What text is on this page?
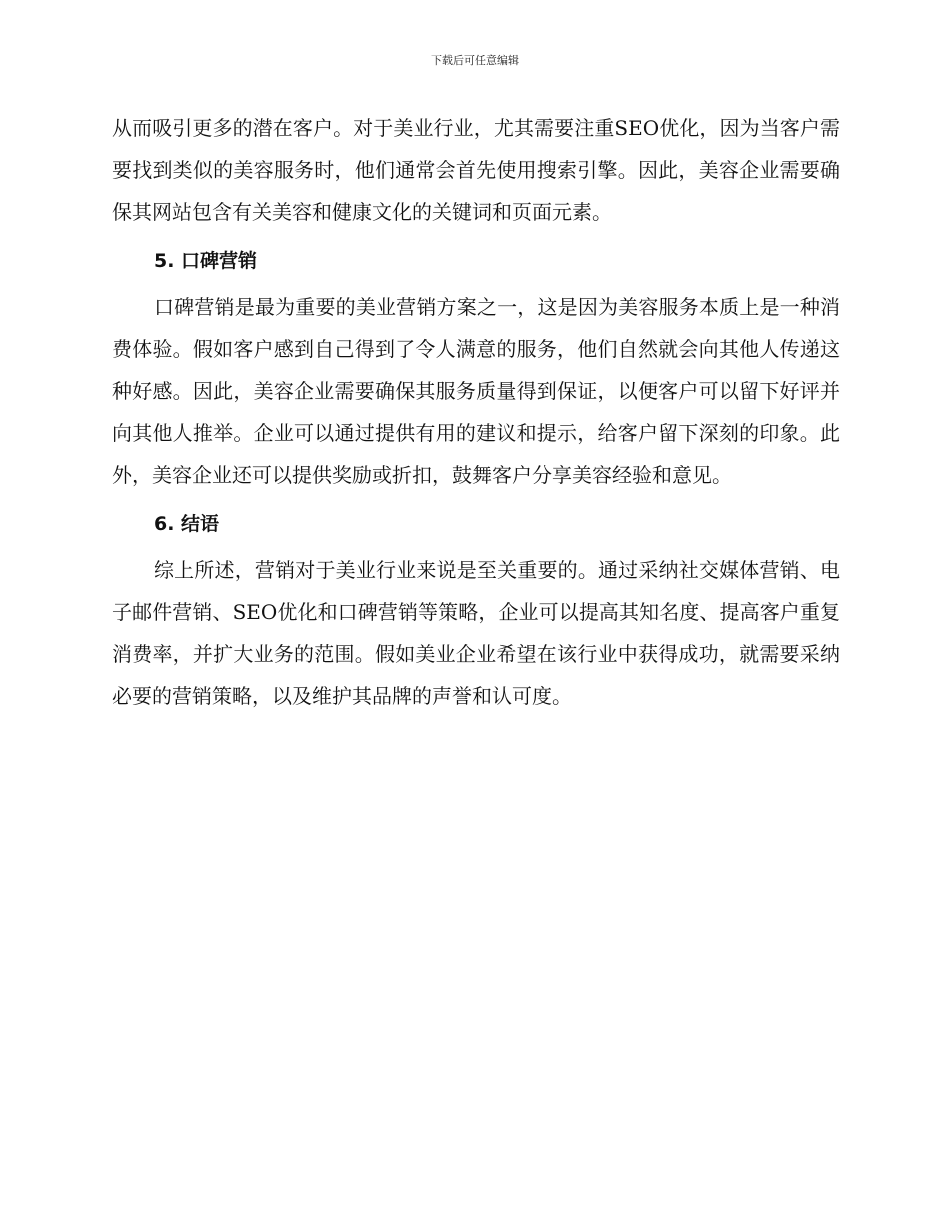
下载后可任意编辑

从而吸引更多的潜在客户。对于美业行业，尤其需要注重SEO优化，因为当客户需要找到类似的美容服务时，他们通常会首先使用搜索引擎。因此，美容企业需要确保其网站包含有关美容和健康文化的关键词和页面元素。

5. 口碑营销

口碑营销是最为重要的美业营销方案之一，这是因为美容服务本质上是一种消费体验。假如客户感到自己得到了令人满意的服务，他们自然就会向其他人传递这种好感。因此，美容企业需要确保其服务质量得到保证，以便客户可以留下好评并向其他人推举。企业可以通过提供有用的建议和提示，给客户留下深刻的印象。此外，美容企业还可以提供奖励或折扣，鼓舞客户分享美容经验和意见。

6. 结语

综上所述，营销对于美业行业来说是至关重要的。通过采纳社交媒体营销、电子邮件营销、SEO优化和口碑营销等策略，企业可以提高其知名度、提高客户重复消费率，并扩大业务的范围。假如美业企业希望在该行业中获得成功，就需要采纳必要的营销策略，以及维护其品牌的声誉和认可度。
